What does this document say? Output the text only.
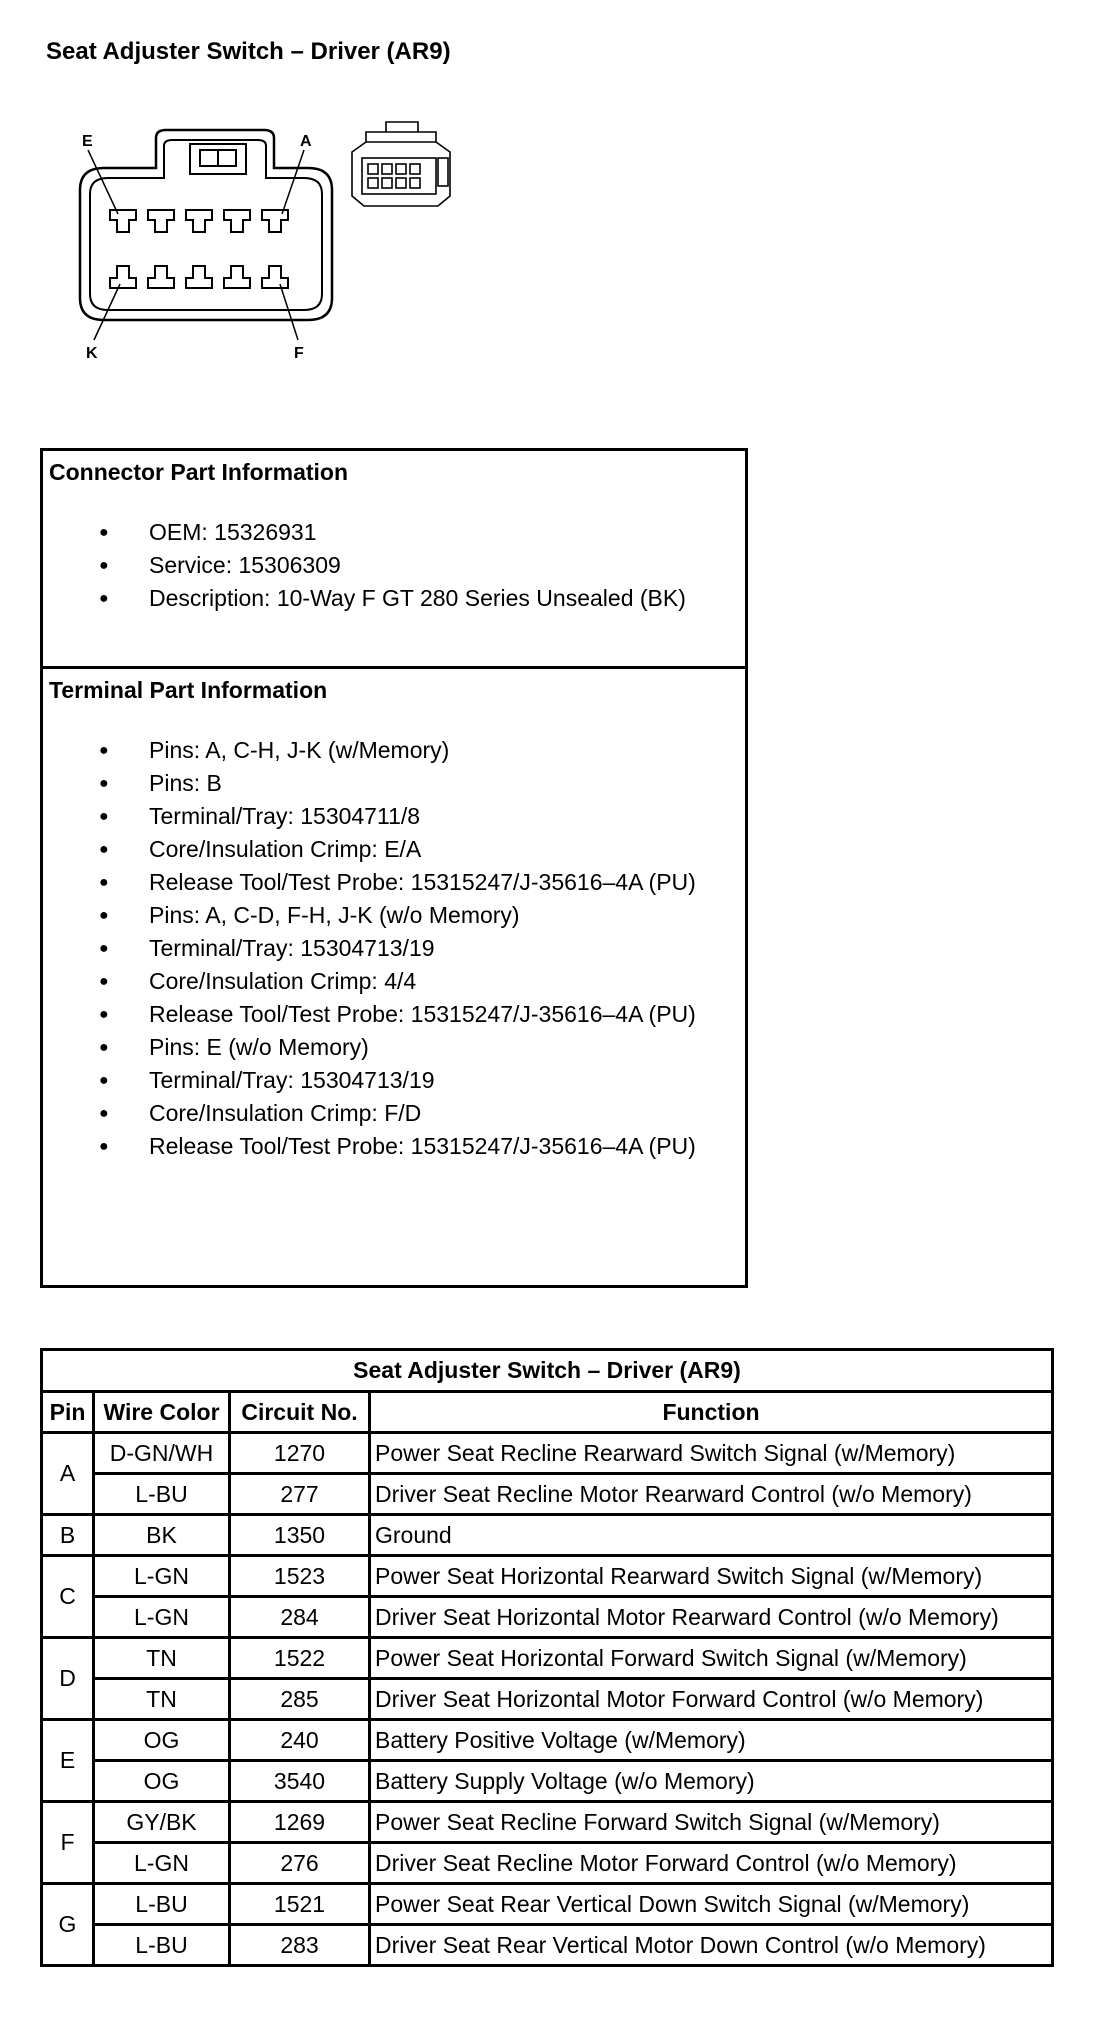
Seat Adjuster Switch – Driver (AR9)
E	A
K	F
Connector Part Information
● OEM: 15326931
● Service: 15306309
● Description: 10-Way F GT 280 Series Unsealed (BK)
Terminal Part Information
● Pins: A, C-H, J-K (w/Memory)
● Pins: B
● Terminal/Tray: 15304711/8
● Core/Insulation Crimp: E/A
● Release Tool/Test Probe: 15315247/J-35616–4A (PU)
● Pins: A, C-D, F-H, J-K (w/o Memory)
● Terminal/Tray: 15304713/19
● Core/Insulation Crimp: 4/4
● Release Tool/Test Probe: 15315247/J-35616–4A (PU)
● Pins: E (w/o Memory)
● Terminal/Tray: 15304713/19
● Core/Insulation Crimp: F/D
● Release Tool/Test Probe: 15315247/J-35616–4A (PU)
Seat Adjuster Switch – Driver (AR9)			
Pin	Wire Color	Circuit No.	Function
A	D-GN/WH	1270	Power Seat Recline Rearward Switch Signal (w/Memory)
	L-BU	277	Driver Seat Recline Motor Rearward Control (w/o Memory)
B	BK	1350	Ground
C	L-GN	1523	Power Seat Horizontal Rearward Switch Signal (w/Memory)
	L-GN	284	Driver Seat Horizontal Motor Rearward Control (w/o Memory)
D	TN	1522	Power Seat Horizontal Forward Switch Signal (w/Memory)
	TN	285	Driver Seat Horizontal Motor Forward Control (w/o Memory)
E	OG	240	Battery Positive Voltage (w/Memory)
	OG	3540	Battery Supply Voltage (w/o Memory)
F	GY/BK	1269	Power Seat Recline Forward Switch Signal (w/Memory)
	L-GN	276	Driver Seat Recline Motor Forward Control (w/o Memory)
G	L-BU	1521	Power Seat Rear Vertical Down Switch Signal (w/Memory)
	L-BU	283	Driver Seat Rear Vertical Motor Down Control (w/o Memory)
